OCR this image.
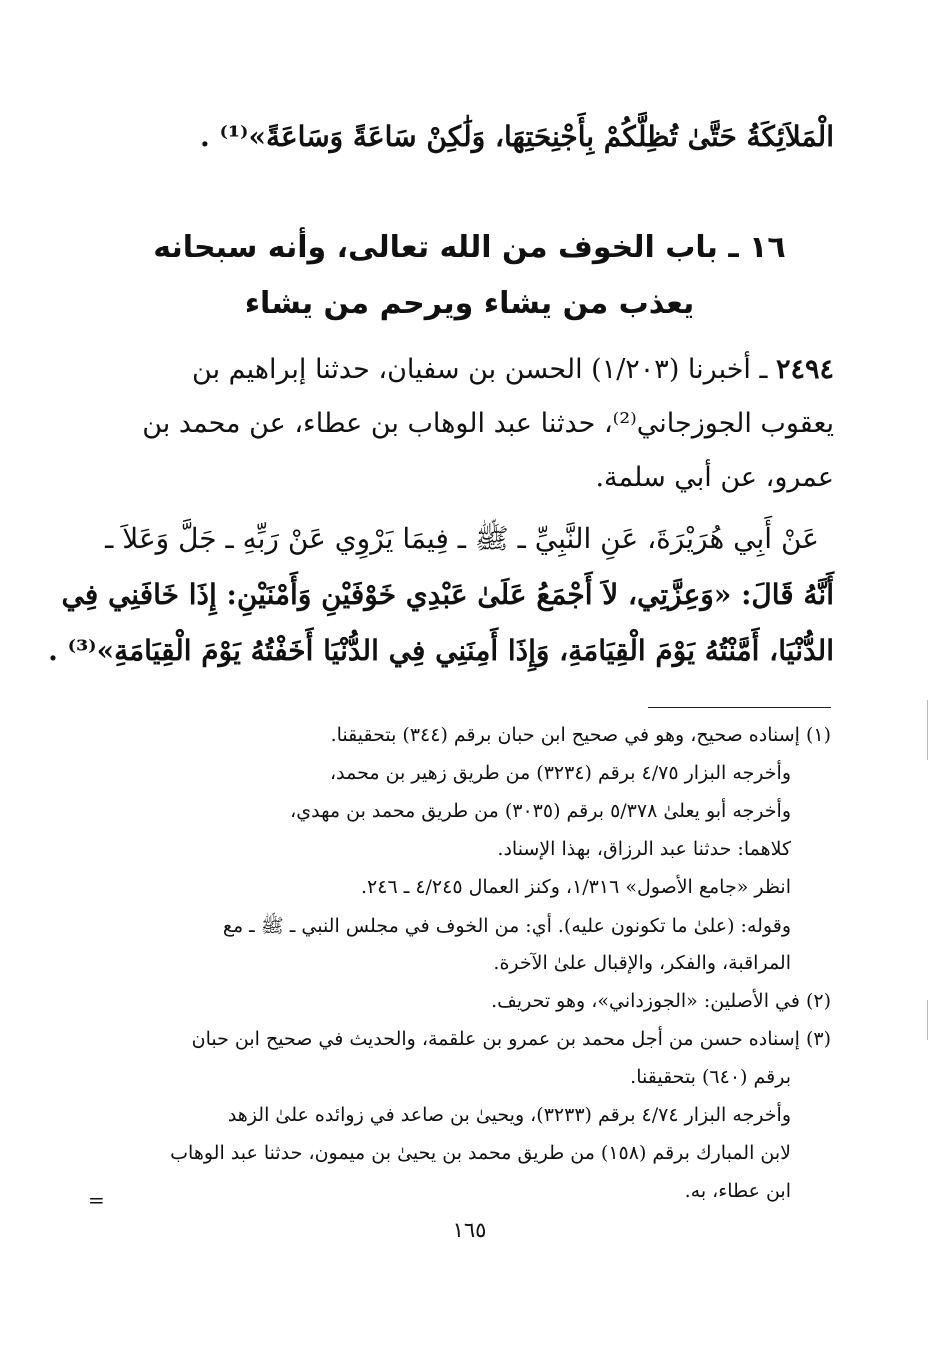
الْمَلاَئِكَةُ حَتَّىٰ تُظِلَّكُمْ بِأَجْنِحَتِهَا، وَلَٰكِنْ سَاعَةً وَسَاعَةً»⁽¹⁾ .
١٦ ـ باب الخوف من الله تعالى، وأنه سبحانه
يعذب من يشاء ويرحم من يشاء
٢٤٩٤ ـ أخبرنا (١/٢٠٣) الحسن بن سفيان، حدثنا إبراهيم بن
يعقوب الجوزجاني⁽²⁾، حدثنا عبد الوهاب بن عطاء، عن محمد بن
عمرو، عن أبي سلمة.
عَنْ أَبِي هُرَيْرَةَ، عَنِ النَّبِيِّ ـ ﷺ ـ فِيمَا يَرْوِي عَنْ رَبِّهِ ـ جَلَّ وَعَلاَ ـ
أَنَّهُ قَالَ: «وَعِزَّتِي، لاَ أَجْمَعُ عَلَىٰ عَبْدِي خَوْفَيْنِ وَأَمْنَيْنِ: إِذَا خَافَنِي فِي
الدُّنْيَا، أَمَّنْتُهُ يَوْمَ الْقِيَامَةِ، وَإِذَا أَمِنَنِي فِي الدُّنْيَا أَخَفْتُهُ يَوْمَ الْقِيَامَةِ»⁽³⁾ .
(١)إسناده صحيح، وهو في صحيح ابن حبان برقم (٣٤٤) بتحقيقنا.
وأخرجه البزار ٤/٧٥ برقم (٣٢٣٤) من طريق زهير بن محمد،
وأخرجه أبو يعلىٰ ٥/٣٧٨ برقم (٣٠٣٥) من طريق محمد بن مهدي،
كلاهما: حدثنا عبد الرزاق، بهذا الإسناد.
انظر «جامع الأصول» ١/٣١٦، وكنز العمال ٤/٢٤٥ ـ ٢٤٦.
وقوله: (علىٰ ما تكونون عليه). أي: من الخوف في مجلس النبي ـ ﷺ ـ مع
المراقبة، والفكر، والإقبال علىٰ الآخرة.
(٢)في الأصلين: «الجوزداني»، وهو تحريف.
(٣)إسناده حسن من أجل محمد بن عمرو بن علقمة، والحديث في صحيح ابن حبان
برقم (٦٤٠) بتحقيقنا.
وأخرجه البزار ٤/٧٤ برقم (٣٢٣٣)، ويحيىٰ بن صاعد في زوائده علىٰ الزهد
لابن المبارك برقم (١٥٨) من طريق محمد بن يحيىٰ بن ميمون، حدثنا عبد الوهاب
ابن عطاء، به.
=
١٦٥
